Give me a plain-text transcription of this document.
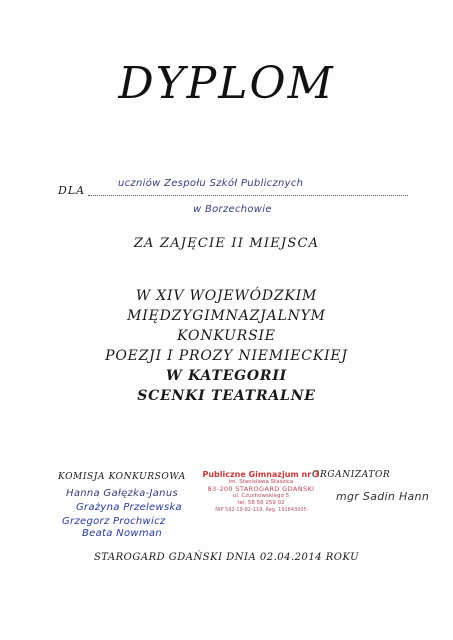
DYPLOM
DLA
uczniów Zespołu Szkół Publicznych
w Borzechowie
ZA ZAJĘCIE II MIEJSCA
W XIV WOJEWÓDZKIM
MIĘDZYGIMNAZJALNYM
KONKURSIE
POEZJI I PROZY NIEMIECKIEJ
W KATEGORII
SCENKI TEATRALNE
KOMISJA KONKURSOWA	ORGANIZATOR
Hanna Gałęzka-Janus
Grażyna Przelewska
Grzegorz Prochwicz
Beata Nowman
mgr Sadin Hann
Publiczne Gimnazjum nr 3
im. Stanisława Staszica
83-200 STAROGARD GDAŃSKI
ul. Czuchowskiego 5
tel. 58 56 259 02
NIP 592-19-82-119, Reg. 191843005
STAROGARD GDAŃSKI DNIA 02.04.2014 ROKU
